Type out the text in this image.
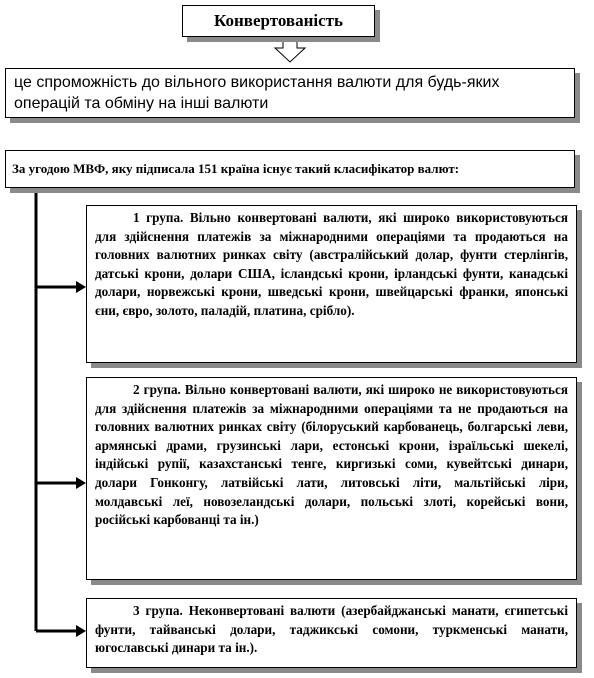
Конвертованість
це спроможність до вільного використання валюти для будь-яких операцій та обміну на інші валюти
За угодою МВФ, яку підписала 151 країна існує такий класифікатор валют:

1 група. Вільно конвертовані валюти, які широко використовуються для здійснення платежів за міжнародними операціями та продаються на головних валютних ринках світу (австралійський долар, фунти стерлінгів, датські крони, долари США, ісландські крони, ірландські фунти, канадські долари, норвежські крони, шведські крони, швейцарські франки, японські єни, євро, золото, паладій, платина, срібло).

2 група. Вільно конвертовані валюти, які широко не використовуються для здійснення платежів за міжнародними операціями та не продаються на головних валютних ринках світу (білоруський карбованець, болгарські леви, армянські драми, грузинські лари, естонські крони, ізраїльські шекелі, індійські рупії, казахстанські тенге, киргизькі соми, кувейтські динари, долари Гонконгу, латвійські лати, литовські літи, мальтійські ліри, молдавські леї, новозеландські долари, польські злоті, корейські вони, російські карбованці та ін.)

3 група. Неконвертовані валюти (азербайджанські манати, єгипетські фунти, тайванські долари, таджикські сомони, туркменські манати, югославські динари та ін.).
